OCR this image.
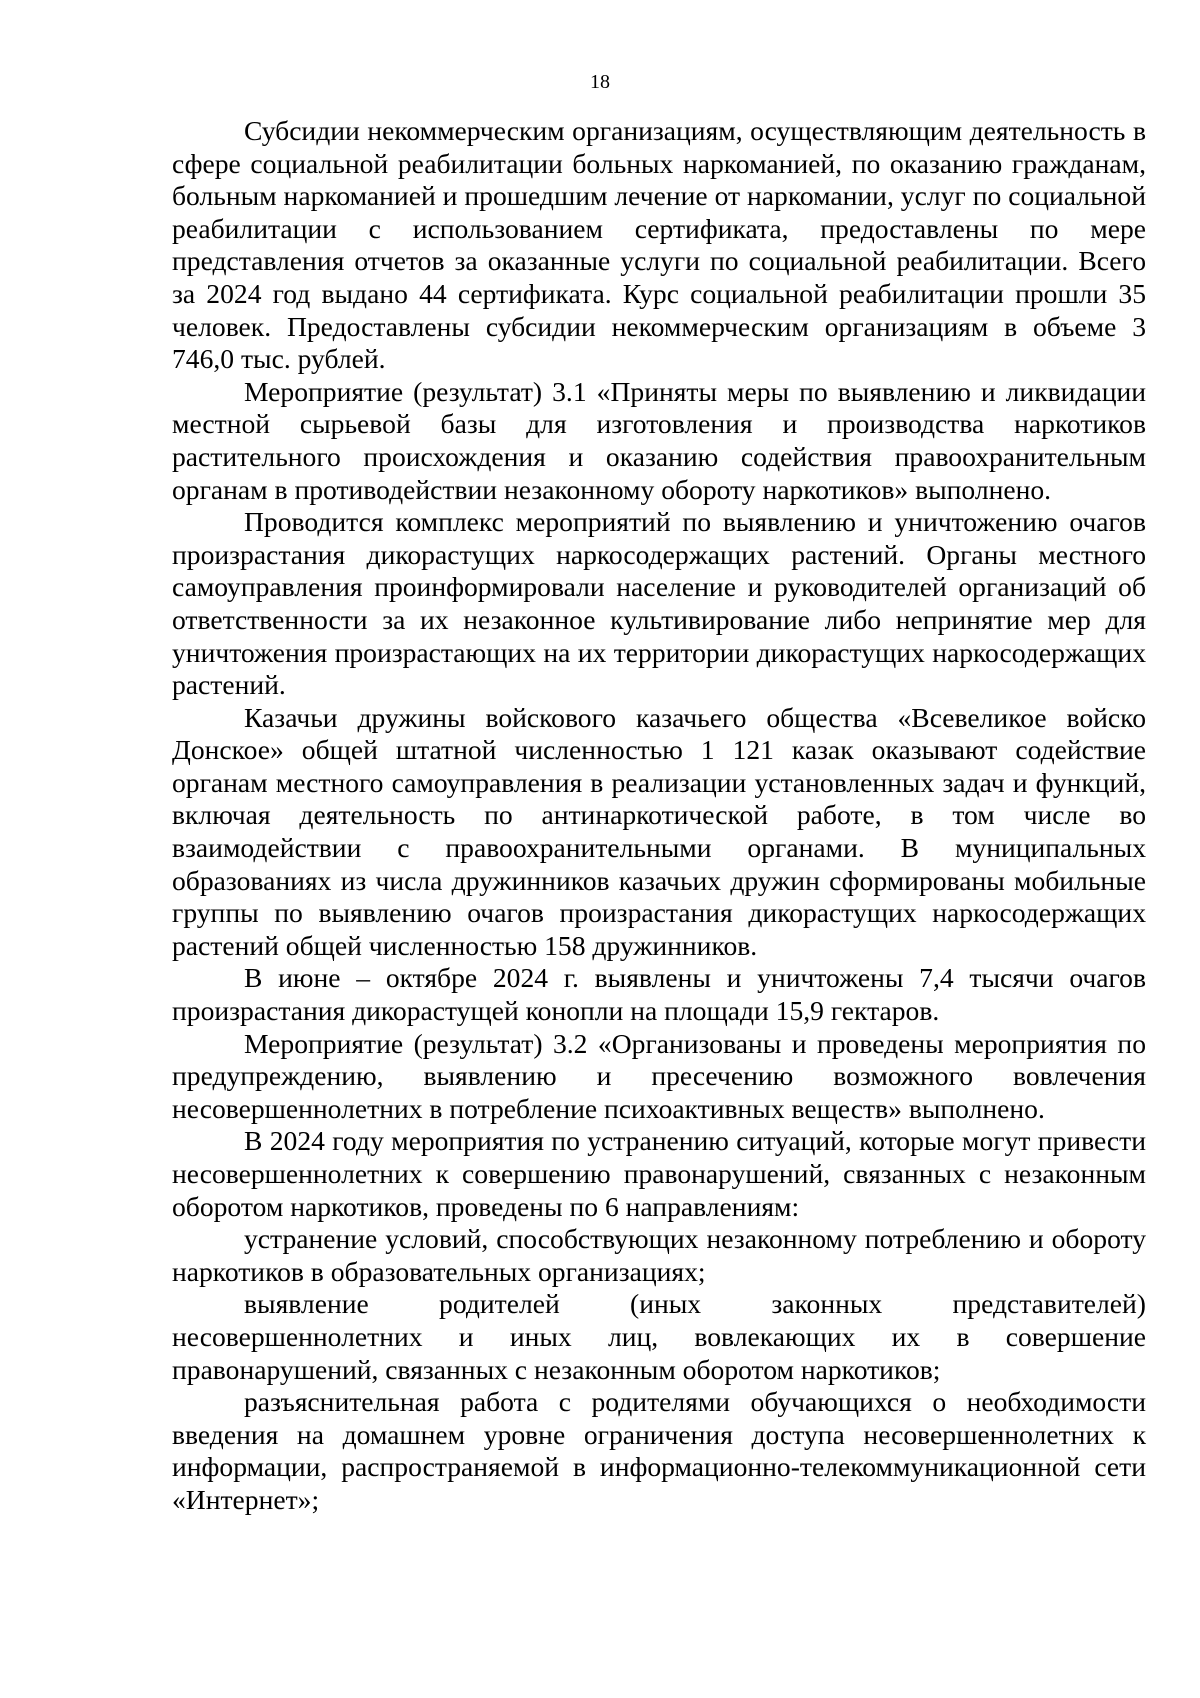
18

Субсидии некоммерческим организациям, осуществляющим деятельность в сфере социальной реабилитации больных наркоманией, по оказанию гражданам, больным наркоманией и прошедшим лечение от наркомании, услуг по социальной реабилитации с использованием сертификата, предоставлены по мере представления отчетов за оказанные услуги по социальной реабилитации. Всего за 2024 год выдано 44 сертификата. Курс социальной реабилитации прошли 35 человек. Предоставлены субсидии некоммерческим организациям в объеме 3 746,0 тыс. рублей.

Мероприятие (результат) 3.1 «Приняты меры по выявлению и ликвидации местной сырьевой базы для изготовления и производства наркотиков растительного происхождения и оказанию содействия правоохранительным органам в противодействии незаконному обороту наркотиков» выполнено.

Проводится комплекс мероприятий по выявлению и уничтожению очагов произрастания дикорастущих наркосодержащих растений. Органы местного самоуправления проинформировали население и руководителей организаций об ответственности за их незаконное культивирование либо непринятие мер для уничтожения произрастающих на их территории дикорастущих наркосодержащих растений.

Казачьи дружины войскового казачьего общества «Всевеликое войско Донское» общей штатной численностью 1 121 казак оказывают содействие органам местного самоуправления в реализации установленных задач и функций, включая деятельность по антинаркотической работе, в том числе во взаимодействии с правоохранительными органами. В муниципальных образованиях из числа дружинников казачьих дружин сформированы мобильные группы по выявлению очагов произрастания дикорастущих наркосодержащих растений общей численностью 158 дружинников.

В июне – октябре 2024 г. выявлены и уничтожены 7,4 тысячи очагов произрастания дикорастущей конопли на площади 15,9 гектаров.

Мероприятие (результат) 3.2 «Организованы и проведены мероприятия по предупреждению, выявлению и пресечению возможного вовлечения несовершеннолетних в потребление психоактивных веществ» выполнено.

В 2024 году мероприятия по устранению ситуаций, которые могут привести несовершеннолетних к совершению правонарушений, связанных с незаконным оборотом наркотиков, проведены по 6 направлениям:

устранение условий, способствующих незаконному потреблению и обороту наркотиков в образовательных организациях;

выявление родителей (иных законных представителей) несовершеннолетних и иных лиц, вовлекающих их в совершение правонарушений, связанных с незаконным оборотом наркотиков;

разъяснительная работа с родителями обучающихся о необходимости введения на домашнем уровне ограничения доступа несовершеннолетних к информации, распространяемой в информационно-телекоммуникационной сети «Интернет»;
